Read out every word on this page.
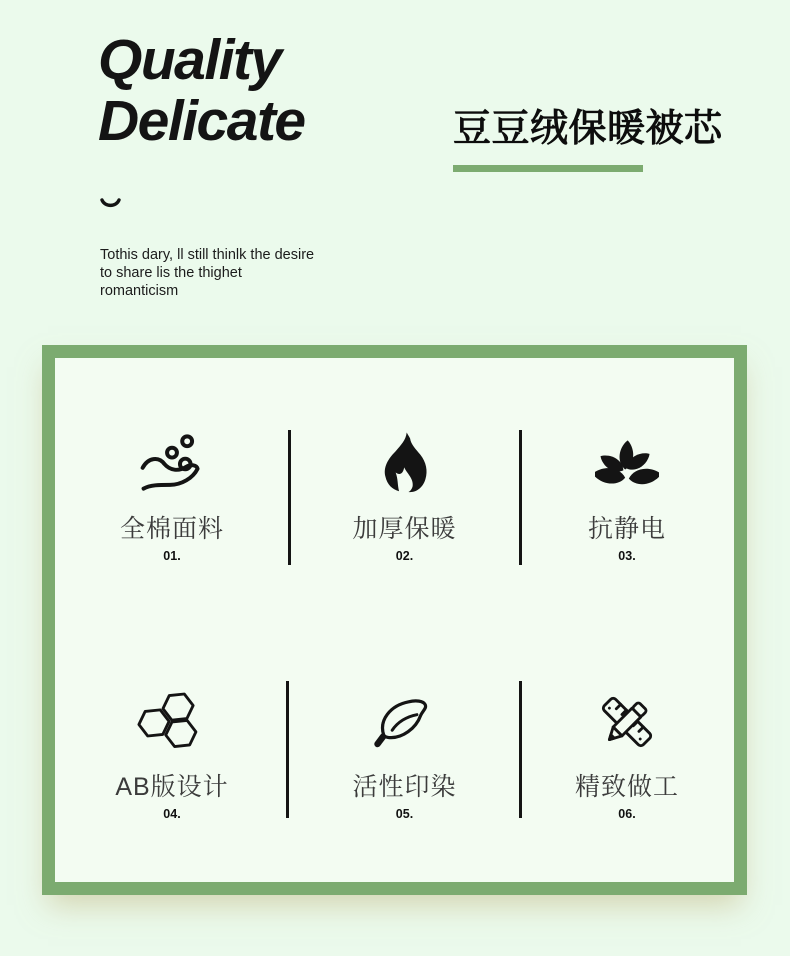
Quality
Delicate
Tothis dary, ll still thinlk the desire
to share lis the thighet
romanticism
豆豆绒保暖被芯
全棉面料
01.
加厚保暖
02.
抗静电
03.
AB版设计
04.
活性印染
05.
精致做工
06.
